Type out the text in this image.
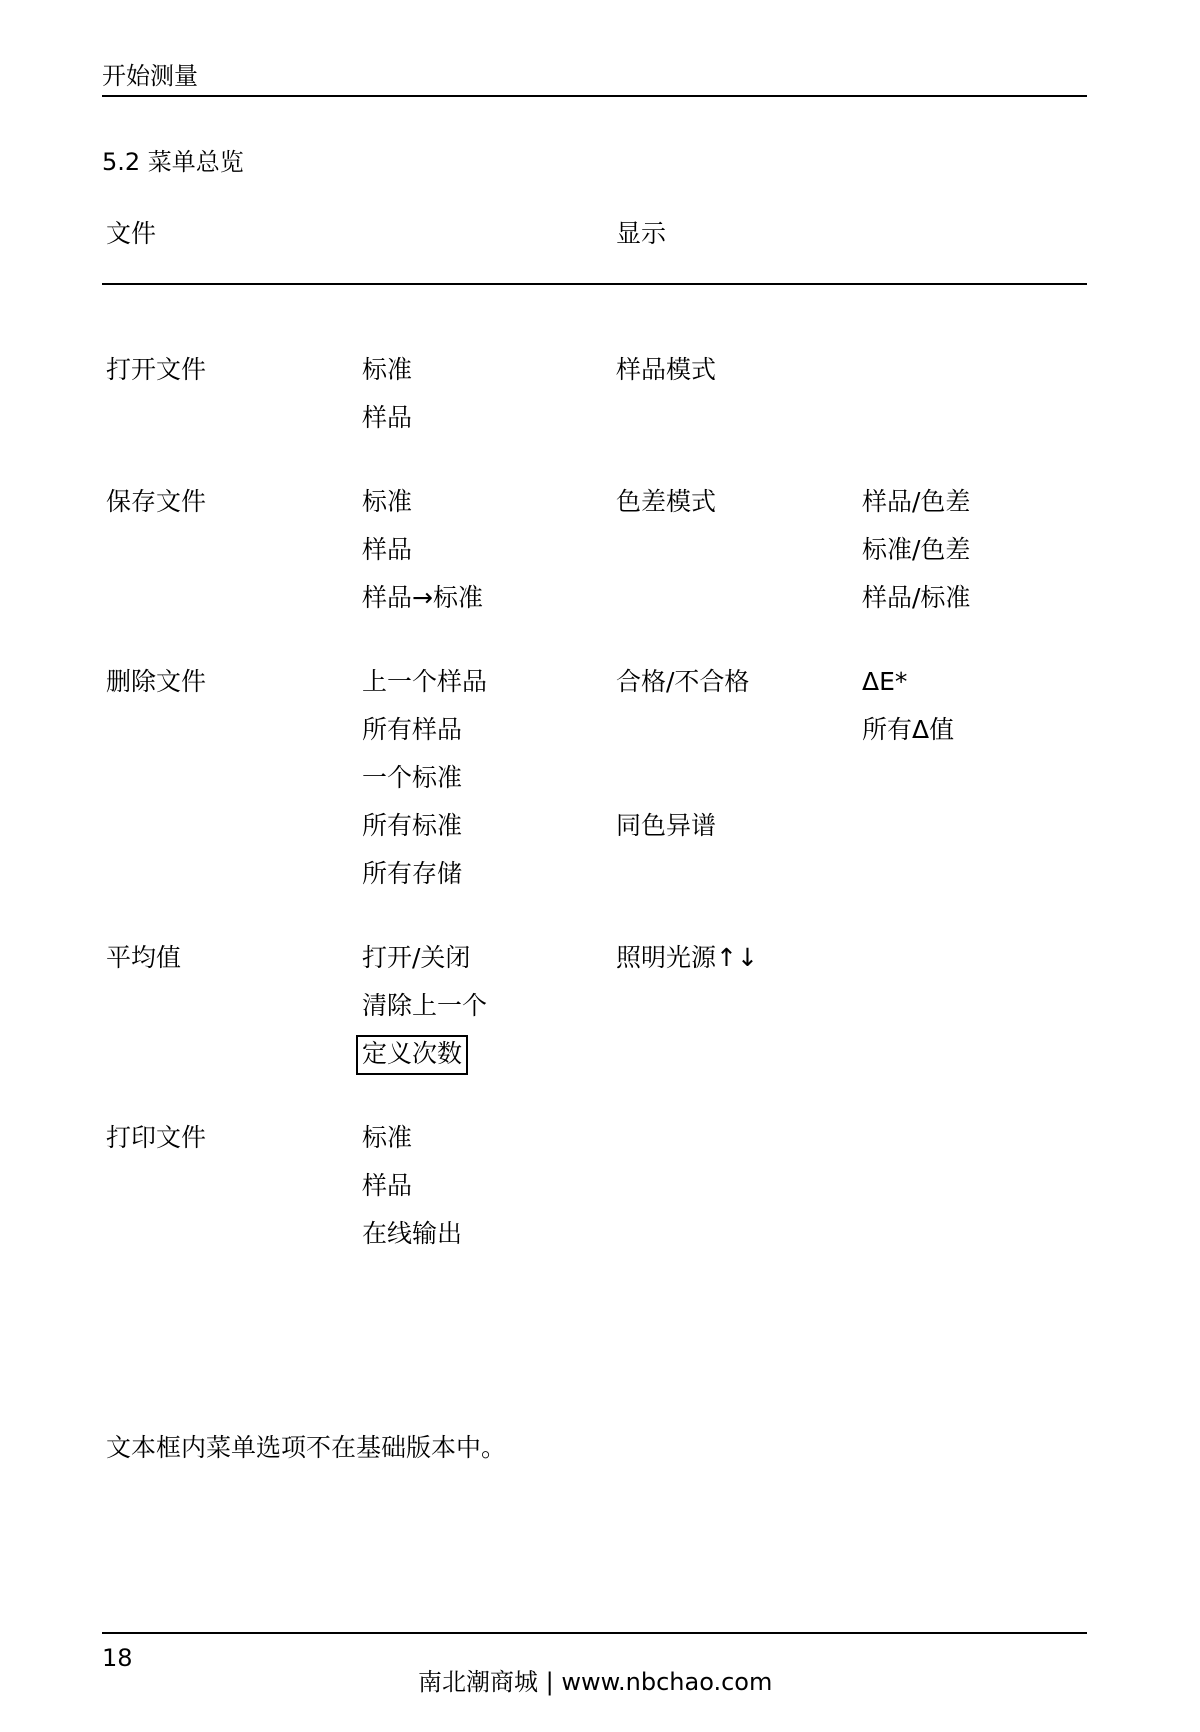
开始测量
5.2 菜单总览
文件	显示
打开文件
保存文件
删除文件
平均值
打印文件
标准
样品
标准
样品
样品→标准
上一个样品
所有样品
一个标准
所有标准
所有存储
打开/关闭
清除上一个
定义次数
标准
样品
在线输出
样品模式
色差模式
合格/不合格
同色异谱
照明光源↑↓
样品/色差
标准/色差
样品/标准
ΔE*
所有Δ值
文本框内菜单选项不在基础版本中。
18
南北潮商城 | www.nbchao.com
